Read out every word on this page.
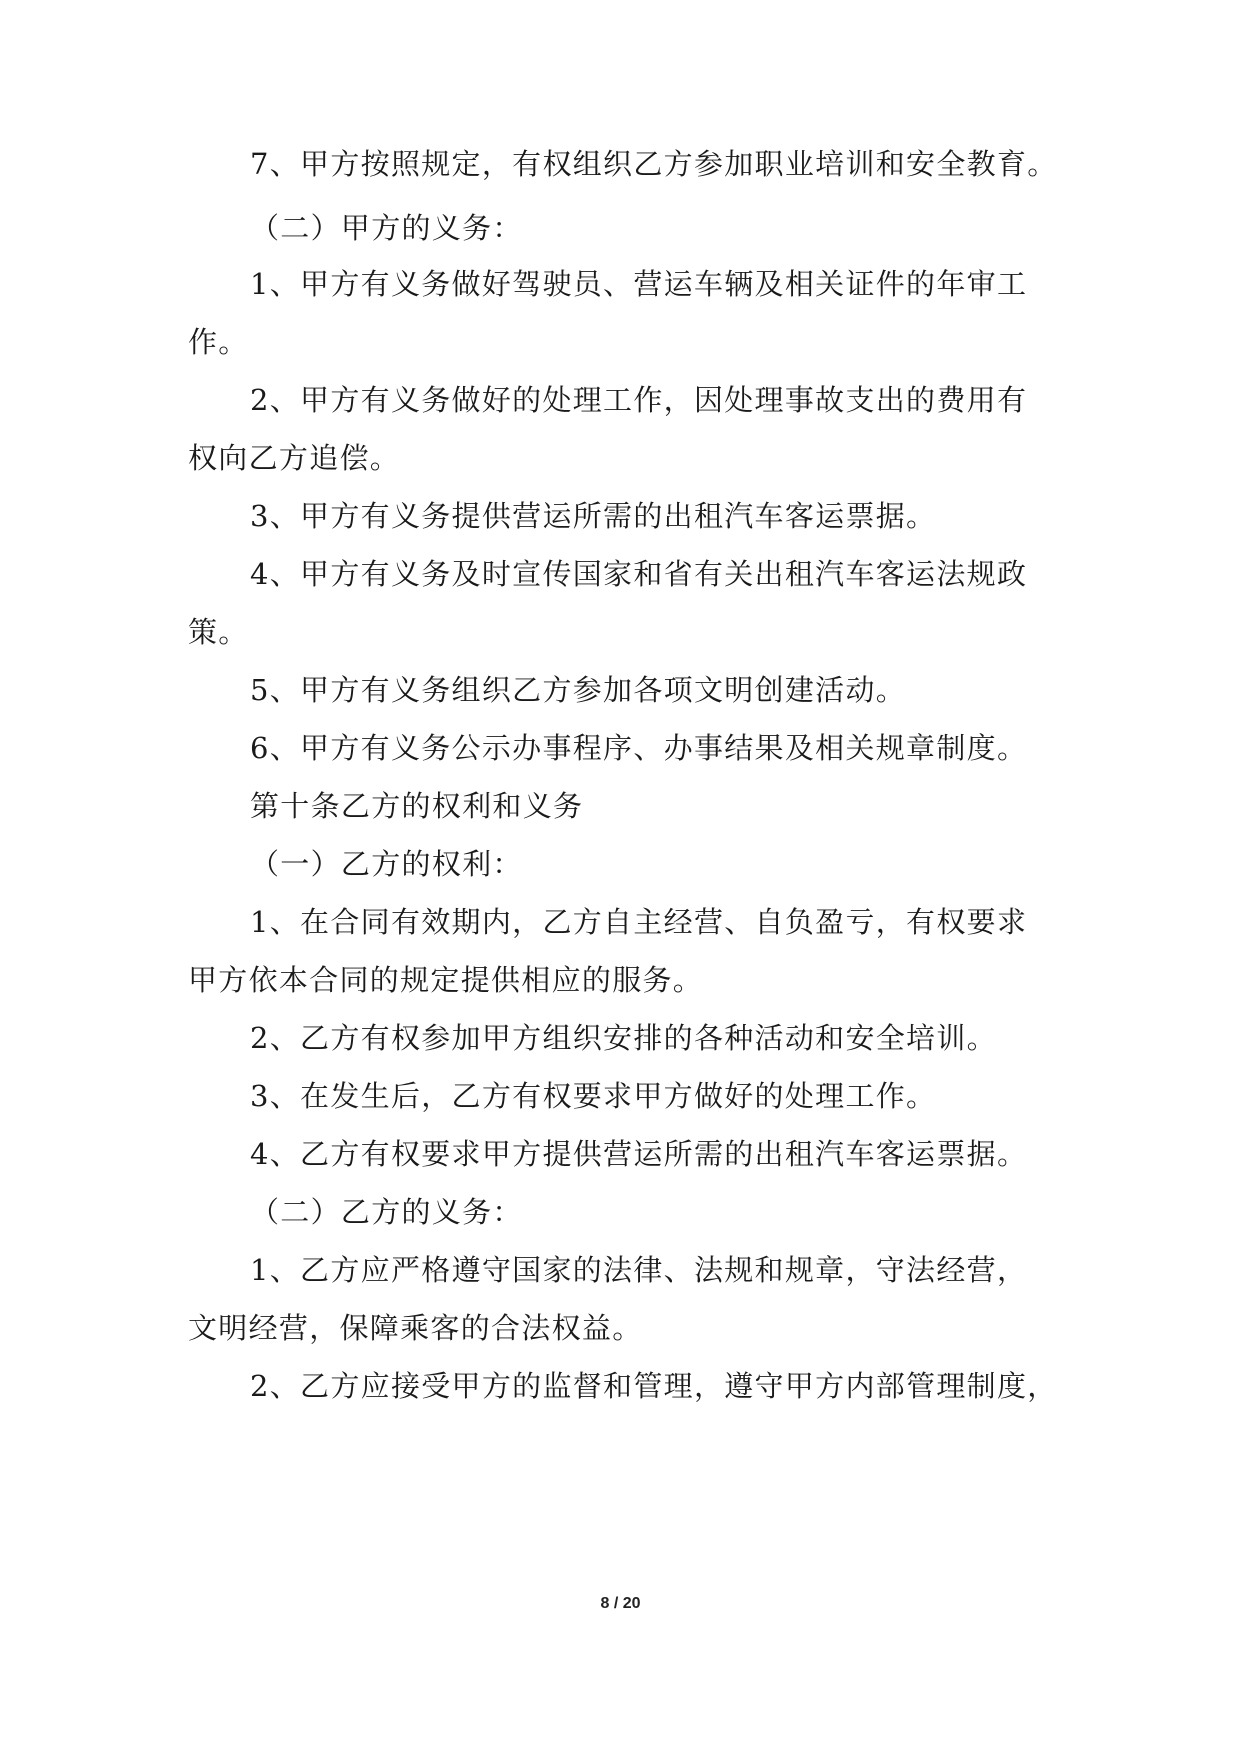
7、甲方按照规定，有权组织乙方参加职业培训和安全教育。
（二）甲方的义务：
1、甲方有义务做好驾驶员、营运车辆及相关证件的年审工
作。
2、甲方有义务做好的处理工作，因处理事故支出的费用有
权向乙方追偿。
3、甲方有义务提供营运所需的出租汽车客运票据。
4、甲方有义务及时宣传国家和省有关出租汽车客运法规政
策。
5、甲方有义务组织乙方参加各项文明创建活动。
6、甲方有义务公示办事程序、办事结果及相关规章制度。
第十条乙方的权利和义务
（一）乙方的权利：
1、在合同有效期内，乙方自主经营、自负盈亏，有权要求
甲方依本合同的规定提供相应的服务。
2、乙方有权参加甲方组织安排的各种活动和安全培训。
3、在发生后，乙方有权要求甲方做好的处理工作。
4、乙方有权要求甲方提供营运所需的出租汽车客运票据。
（二）乙方的义务：
1、乙方应严格遵守国家的法律、法规和规章，守法经营，
文明经营，保障乘客的合法权益。
2、乙方应接受甲方的监督和管理，遵守甲方内部管理制度，
8 / 20
